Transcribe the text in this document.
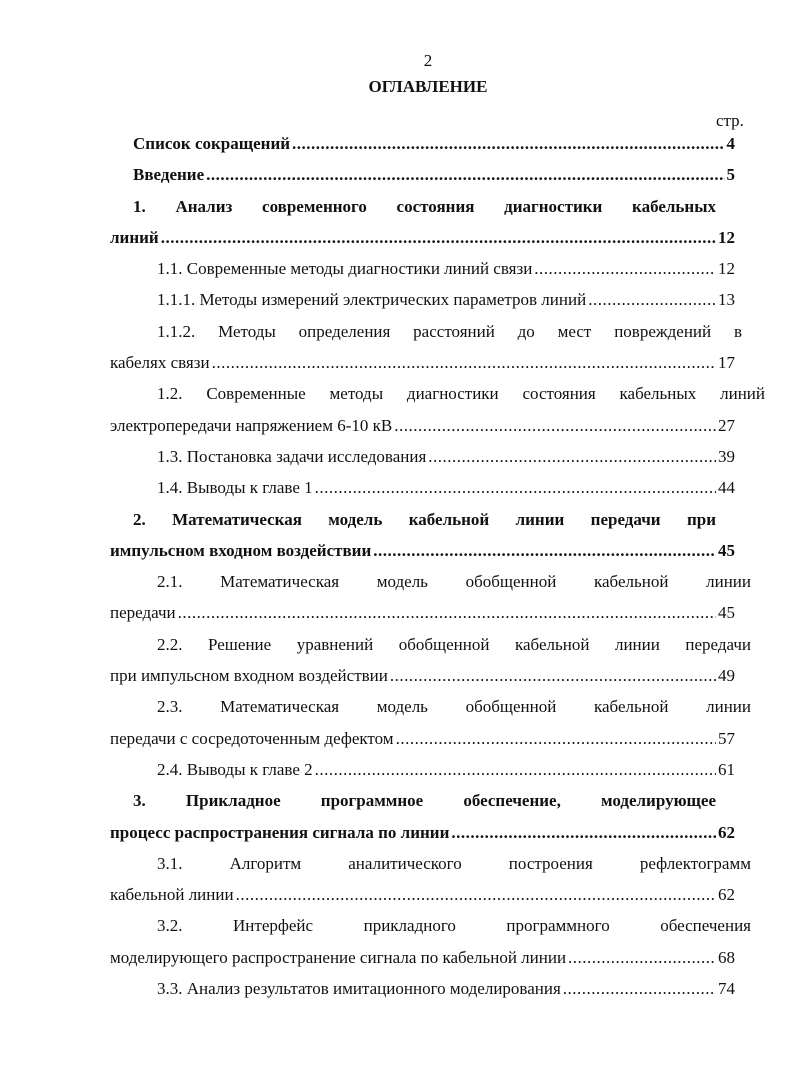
2
ОГЛАВЛЕНИЕ
стр.
Список сокращений .....	4
Введение .....	5
1. Анализ современного состояния диагностики кабельных
линий .....	12
1.1. Современные методы диагностики линий связи .....	12
1.1.1. Методы измерений электрических параметров линий .....	13
1.1.2. Методы определения расстояний до мест повреждений в
кабелях связи .....	17
1.2. Современные методы диагностики состояния кабельных линий
электропередачи напряжением 6-10 кВ .....	27
1.3. Постановка задачи исследования .....	39
1.4. Выводы к главе 1 .....	44
2. Математическая модель кабельной линии передачи при
импульсном входном воздействии .....	45
2.1. Математическая модель обобщенной кабельной линии
передачи .....	45
2.2. Решение уравнений обобщенной кабельной линии передачи
при импульсном входном воздействии .....	49
2.3. Математическая модель обобщенной кабельной линии
передачи с сосредоточенным дефектом .....	57
2.4. Выводы к главе 2 .....	61
3. Прикладное программное обеспечение, моделирующее
процесс распространения сигнала по линии .....	62
3.1. Алгоритм аналитического построения рефлектограмм
кабельной линии .....	62
3.2. Интерфейс прикладного программного обеспечения
моделирующего распространение сигнала по кабельной линии .....	68
3.3. Анализ результатов имитационного моделирования .....	74
